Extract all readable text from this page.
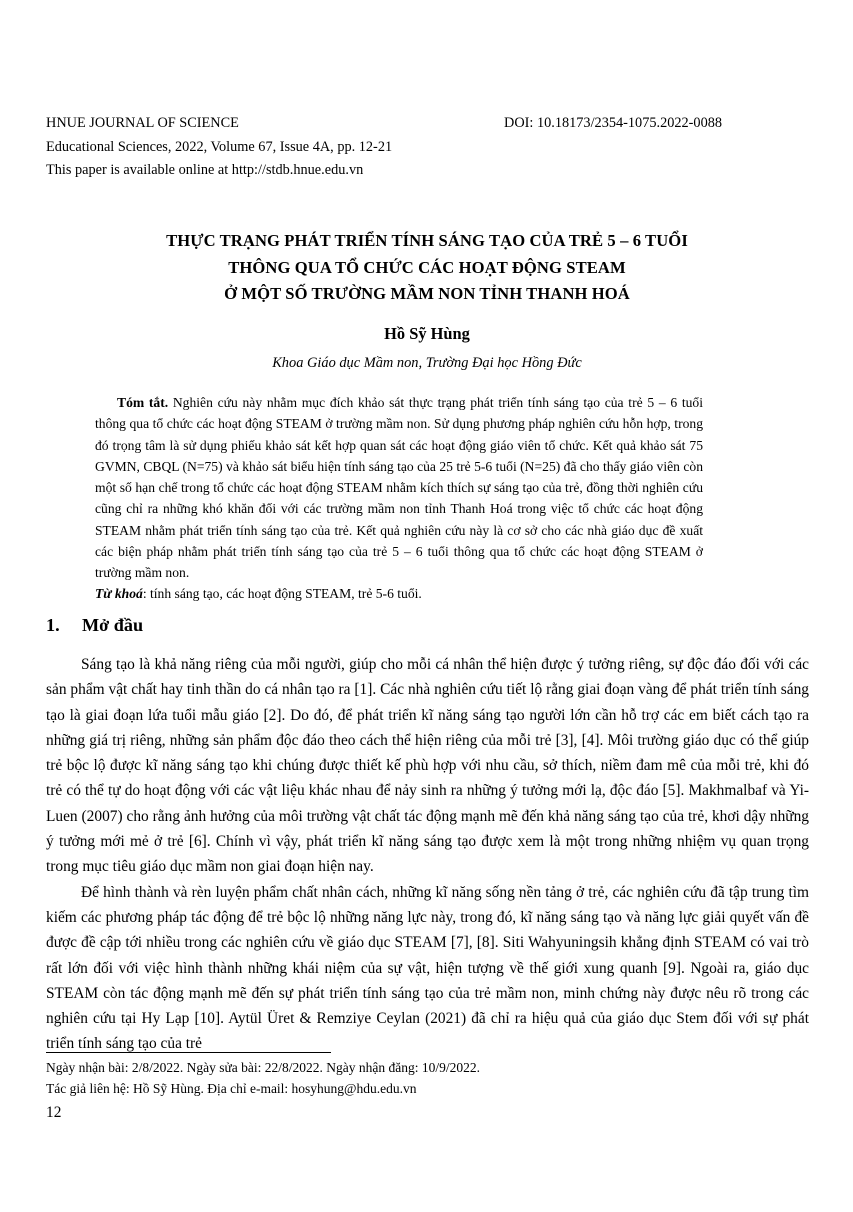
HNUE JOURNAL OF SCIENCE	DOI: 10.18173/2354-1075.2022-0088
Educational Sciences, 2022, Volume 67, Issue 4A, pp. 12-21
This paper is available online at http://stdb.hnue.edu.vn
THỰC TRẠNG PHÁT TRIỂN TÍNH SÁNG TẠO CỦA TRẺ 5 – 6 TUỔI
THÔNG QUA TỔ CHỨC CÁC HOẠT ĐỘNG STEAM
Ở MỘT SỐ TRƯỜNG MẦM NON TỈNH THANH HOÁ
Hồ Sỹ Hùng
Khoa Giáo dục Mầm non, Trường Đại học Hồng Đức

Tóm tắt. Nghiên cứu này nhằm mục đích khảo sát thực trạng phát triển tính sáng tạo của trẻ 5 – 6 tuổi thông qua tổ chức các hoạt động STEAM ở trường mầm non. Sử dụng phương pháp nghiên cứu hỗn hợp, trong đó trọng tâm là sử dụng phiếu khảo sát kết hợp quan sát các hoạt động giáo viên tổ chức. Kết quả khảo sát 75 GVMN, CBQL (N=75) và khảo sát biểu hiện tính sáng tạo của 25 trẻ 5-6 tuổi (N=25) đã cho thấy giáo viên còn một số hạn chế trong tổ chức các hoạt động STEAM nhằm kích thích sự sáng tạo của trẻ, đồng thời nghiên cứu cũng chỉ ra những khó khăn đối với các trường mầm non tỉnh Thanh Hoá trong việc tổ chức các hoạt động STEAM nhằm phát triển tính sáng tạo của trẻ. Kết quả nghiên cứu này là cơ sở cho các nhà giáo dục đề xuất các biện pháp nhằm phát triển tính sáng tạo của trẻ 5 – 6 tuổi thông qua tổ chức các hoạt động STEAM ở trường mầm non.

Từ khoá: tính sáng tạo, các hoạt động STEAM, trẻ 5-6 tuổi.
1. Mở đầu

Sáng tạo là khả năng riêng của mỗi người, giúp cho mỗi cá nhân thể hiện được ý tưởng riêng, sự độc đáo đối với các sản phẩm vật chất hay tinh thần do cá nhân tạo ra [1]. Các nhà nghiên cứu tiết lộ rằng giai đoạn vàng để phát triển tính sáng tạo là giai đoạn lứa tuổi mẫu giáo [2]. Do đó, để phát triển kĩ năng sáng tạo người lớn cần hỗ trợ các em biết cách tạo ra những giá trị riêng, những sản phẩm độc đáo theo cách thể hiện riêng của mỗi trẻ [3], [4]. Môi trường giáo dục có thể giúp trẻ bộc lộ được kĩ năng sáng tạo khi chúng được thiết kế phù hợp với nhu cầu, sở thích, niềm đam mê của mỗi trẻ, khi đó trẻ có thể tự do hoạt động với các vật liệu khác nhau để nảy sinh ra những ý tưởng mới lạ, độc đáo [5]. Makhmalbaf và Yi-Luen (2007) cho rằng ảnh hưởng của môi trường vật chất tác động mạnh mẽ đến khả năng sáng tạo của trẻ, khơi dậy những ý tưởng mới mẻ ở trẻ [6]. Chính vì vậy, phát triển kĩ năng sáng tạo được xem là một trong những nhiệm vụ quan trọng trong mục tiêu giáo dục mầm non giai đoạn hiện nay.

Để hình thành và rèn luyện phẩm chất nhân cách, những kĩ năng sống nền tảng ở trẻ, các nghiên cứu đã tập trung tìm kiếm các phương pháp tác động để trẻ bộc lộ những năng lực này, trong đó, kĩ năng sáng tạo và năng lực giải quyết vấn đề được đề cập tới nhiều trong các nghiên cứu về giáo dục STEAM [7], [8]. Siti Wahyuningsih khẳng định STEAM có vai trò rất lớn đối với việc hình thành những khái niệm của sự vật, hiện tượng về thế giới xung quanh [9]. Ngoài ra, giáo dục STEAM còn tác động mạnh mẽ đến sự phát triển tính sáng tạo của trẻ mầm non, minh chứng này được nêu rõ trong các nghiên cứu tại Hy Lạp [10]. Aytül Üret & Remziye Ceylan (2021) đã chỉ ra hiệu quả của giáo dục Stem đối với sự phát triển tính sáng tạo của trẻ

Ngày nhận bài: 2/8/2022. Ngày sửa bài: 22/8/2022. Ngày nhận đăng: 10/9/2022.
Tác giả liên hệ: Hồ Sỹ Hùng. Địa chỉ e-mail: hosyhung@hdu.edu.vn
12
